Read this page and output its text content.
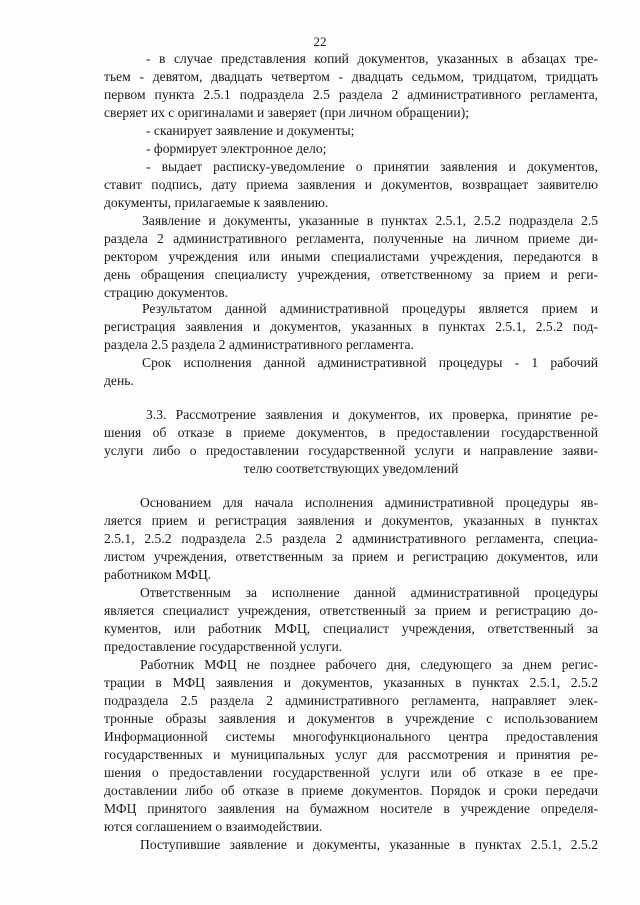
22
- в случае представления копий документов, указанных в абзацах тре-
тьем - девятом, двадцать четвертом - двадцать седьмом, тридцатом, тридцать
первом пункта 2.5.1 подраздела 2.5 раздела 2 административного регламента,
сверяет их с оригиналами и заверяет (при личном обращении);
- сканирует заявление и документы;
- формирует электронное дело;
- выдает расписку-уведомление о принятии заявления и документов,
ставит подпись, дату приема заявления и документов, возвращает заявителю
документы, прилагаемые к заявлению.
Заявление и документы, указанные в пунктах 2.5.1, 2.5.2 подраздела 2.5
раздела 2 административного регламента, полученные на личном приеме ди-
ректором учреждения или иными специалистами учреждения, передаются в
день обращения специалисту учреждения, ответственному за прием и реги-
страцию документов.
Результатом данной административной процедуры является прием и
регистрация заявления и документов, указанных в пунктах 2.5.1, 2.5.2 под-
раздела 2.5 раздела 2 административного регламента.
Срок исполнения данной административной процедуры - 1 рабочий
день.
3.3. Рассмотрение заявления и документов, их проверка, принятие ре-
шения об отказе в приеме документов, в предоставлении государственной
услуги либо о предоставлении государственной услуги и направление заяви-
телю соответствующих уведомлений
Основанием для начала исполнения административной процедуры яв-
ляется прием и регистрация заявления и документов, указанных в пунктах
2.5.1, 2.5.2 подраздела 2.5 раздела 2 административного регламента, специа-
листом учреждения, ответственным за прием и регистрацию документов, или
работником МФЦ.
Ответственным за исполнение данной административной процедуры
является специалист учреждения, ответственный за прием и регистрацию до-
кументов, или работник МФЦ, специалист учреждения, ответственный за
предоставление государственной услуги.
Работник МФЦ не позднее рабочего дня, следующего за днем регис-
трации в МФЦ заявления и документов, указанных в пунктах 2.5.1, 2.5.2
подраздела 2.5 раздела 2 административного регламента, направляет элек-
тронные образы заявления и документов в учреждение с использованием
Информационной системы многофункционального центра предоставления
государственных и муниципальных услуг для рассмотрения и принятия ре-
шения о предоставлении государственной услуги или об отказе в ее пре-
доставлении либо об отказе в приеме документов. Порядок и сроки передачи
МФЦ принятого заявления на бумажном носителе в учреждение определя-
ются соглашением о взаимодействии.
Поступившие заявление и документы, указанные в пунктах 2.5.1, 2.5.2
